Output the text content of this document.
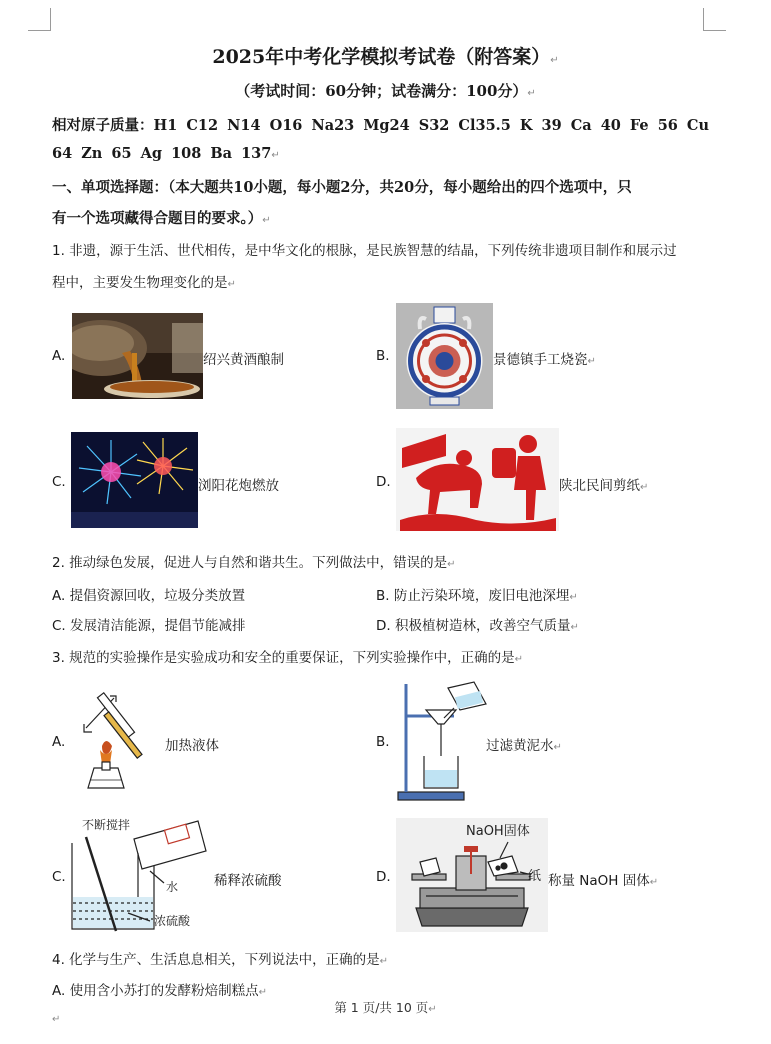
2025年中考化学模拟考试卷（附答案）↵
（考试时间：60分钟；试卷满分：100分）↵
相对原子质量：H1 C12 N14 O16 Na23 Mg24 S32 Cl35.5 K 39 Ca 40 Fe 56 Cu
64 Zn 65 Ag 108 Ba 137↵
一、单项选择题：（本大题共10小题，每小题2分，共20分，每小题给出的四个选项中，只
有一个选项藏得合题目的要求。）↵
1. 非遗，源于生活、世代相传，是中华文化的根脉，是民族智慧的结晶，下列传统非遗项目制作和展示过
程中，主要发生物理变化的是↵
A.	绍兴黄酒酿制	B.	景德镇手工烧瓷↵
C.	浏阳花炮燃放	D.	陕北民间剪纸↵
2. 推动绿色发展，促进人与自然和谐共生。下列做法中，错误的是↵
A. 提倡资源回收，垃圾分类放置	B. 防止污染环境，废旧电池深埋↵
C. 发展清洁能源，提倡节能减排	D. 积极植树造林，改善空气质量↵
3. 规范的实验操作是实验成功和安全的重要保证，下列实验操作中，正确的是↵
A.	加热液体	B.	过滤黄泥水↵
C.
不断搅拌
水
浓硫酸
稀释浓硫酸	D.
NaOH固体
纸 称量 NaOH 固体↵
4. 化学与生产、生活息息相关，下列说法中，正确的是↵
A. 使用含小苏打的发酵粉焙制糕点↵
第 1 页/共 10 页↵
↵
